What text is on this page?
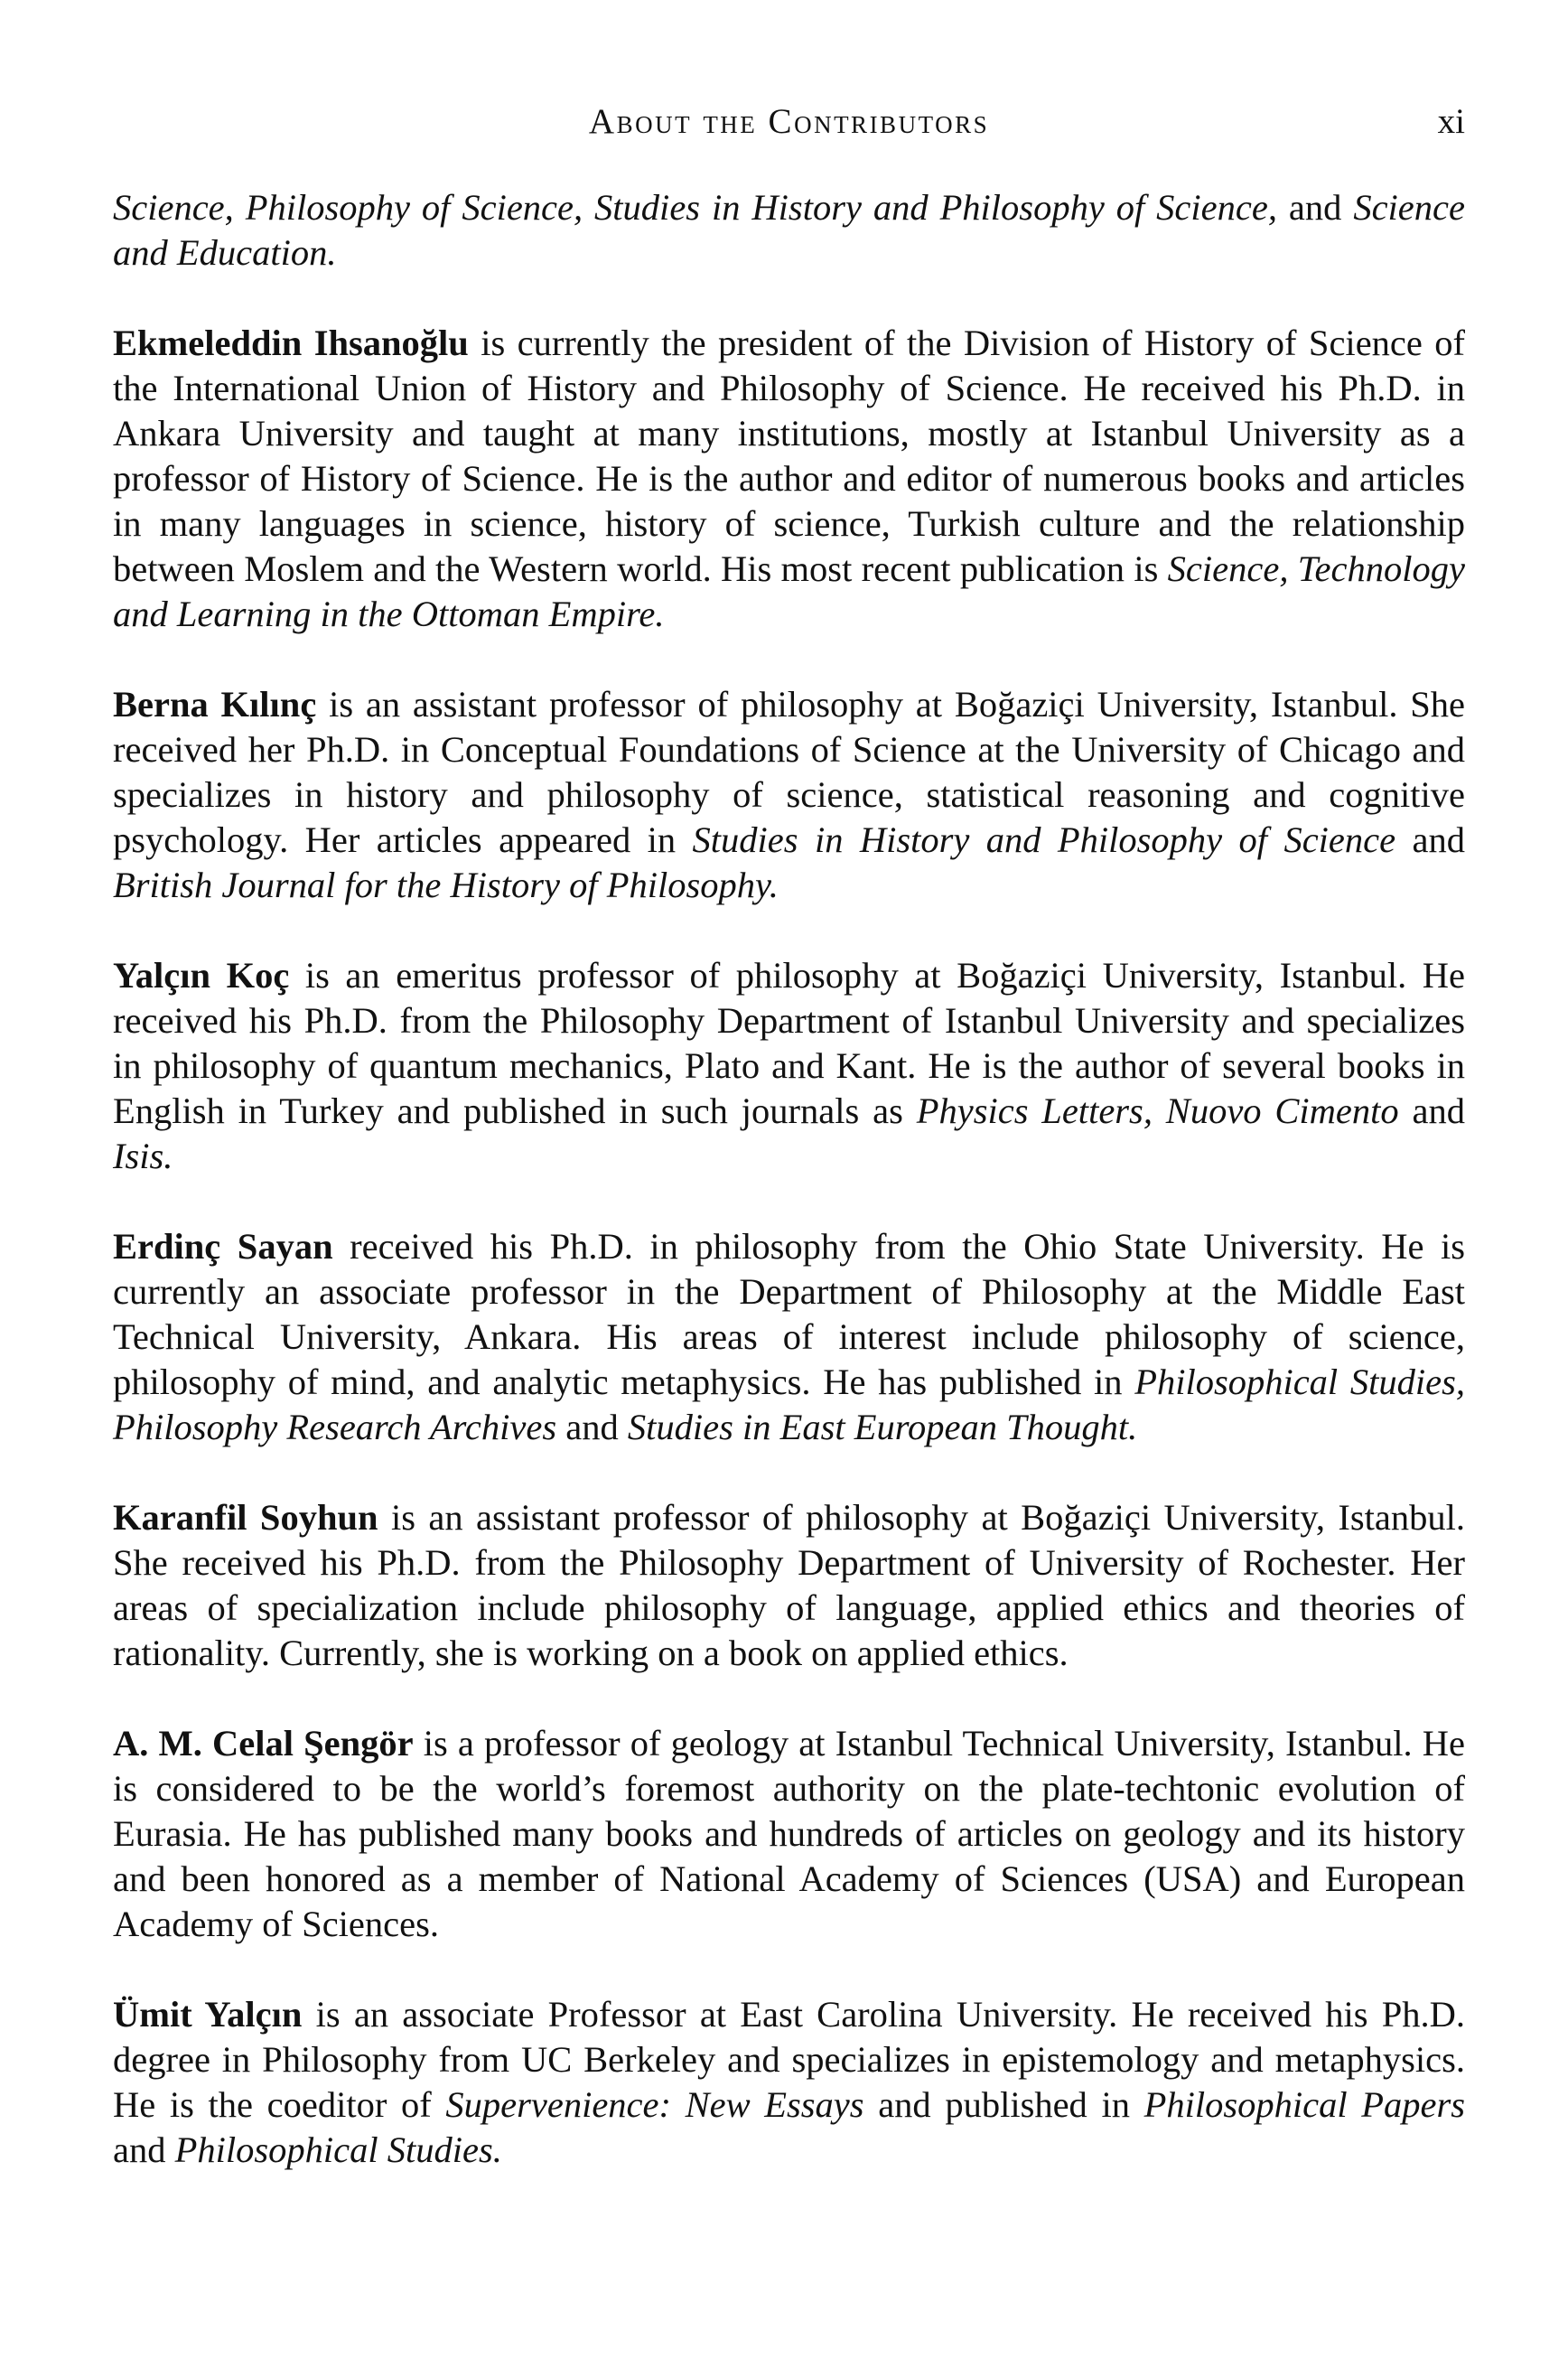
About the Contributors	xi

Science, Philosophy of Science, Studies in History and Philosophy of Science, and Science and Education.

Ekmeleddin Ihsanoğlu is currently the president of the Division of History of Science of the International Union of History and Philosophy of Science. He received his Ph.D. in Ankara University and taught at many institutions, mostly at Istanbul University as a professor of History of Science. He is the author and editor of numerous books and articles in many languages in science, history of science, Turkish culture and the relationship between Moslem and the Western world. His most recent publication is Science, Technology and Learning in the Ottoman Empire.

Berna Kılınç is an assistant professor of philosophy at Boğaziçi University, Istanbul. She received her Ph.D. in Conceptual Foundations of Science at the University of Chicago and specializes in history and philosophy of science, statistical reasoning and cognitive psychology. Her articles appeared in Studies in History and Philosophy of Science and British Journal for the History of Philosophy.

Yalçın Koç is an emeritus professor of philosophy at Boğaziçi University, Istanbul. He received his Ph.D. from the Philosophy Department of Istanbul University and specializes in philosophy of quantum mechanics, Plato and Kant. He is the author of several books in English in Turkey and published in such journals as Physics Letters, Nuovo Cimento and Isis.

Erdinç Sayan received his Ph.D. in philosophy from the Ohio State University. He is currently an associate professor in the Department of Philosophy at the Middle East Technical University, Ankara. His areas of interest include philosophy of science, philosophy of mind, and analytic metaphysics. He has published in Philosophical Studies, Philosophy Research Archives and Studies in East European Thought.

Karanfil Soyhun is an assistant professor of philosophy at Boğaziçi University, Istanbul. She received his Ph.D. from the Philosophy Department of University of Rochester. Her areas of specialization include philosophy of language, applied ethics and theories of rationality. Currently, she is working on a book on applied ethics.

A. M. Celal Şengör is a professor of geology at Istanbul Technical University, Istanbul. He is considered to be the world’s foremost authority on the plate-techtonic evolution of Eurasia. He has published many books and hundreds of articles on geology and its history and been honored as a member of National Academy of Sciences (USA) and European Academy of Sciences.

Ümit Yalçın is an associate Professor at East Carolina University. He received his Ph.D. degree in Philosophy from UC Berkeley and specializes in epistemology and metaphysics. He is the coeditor of Supervenience: New Essays and published in Philosophical Papers and Philosophical Studies.
